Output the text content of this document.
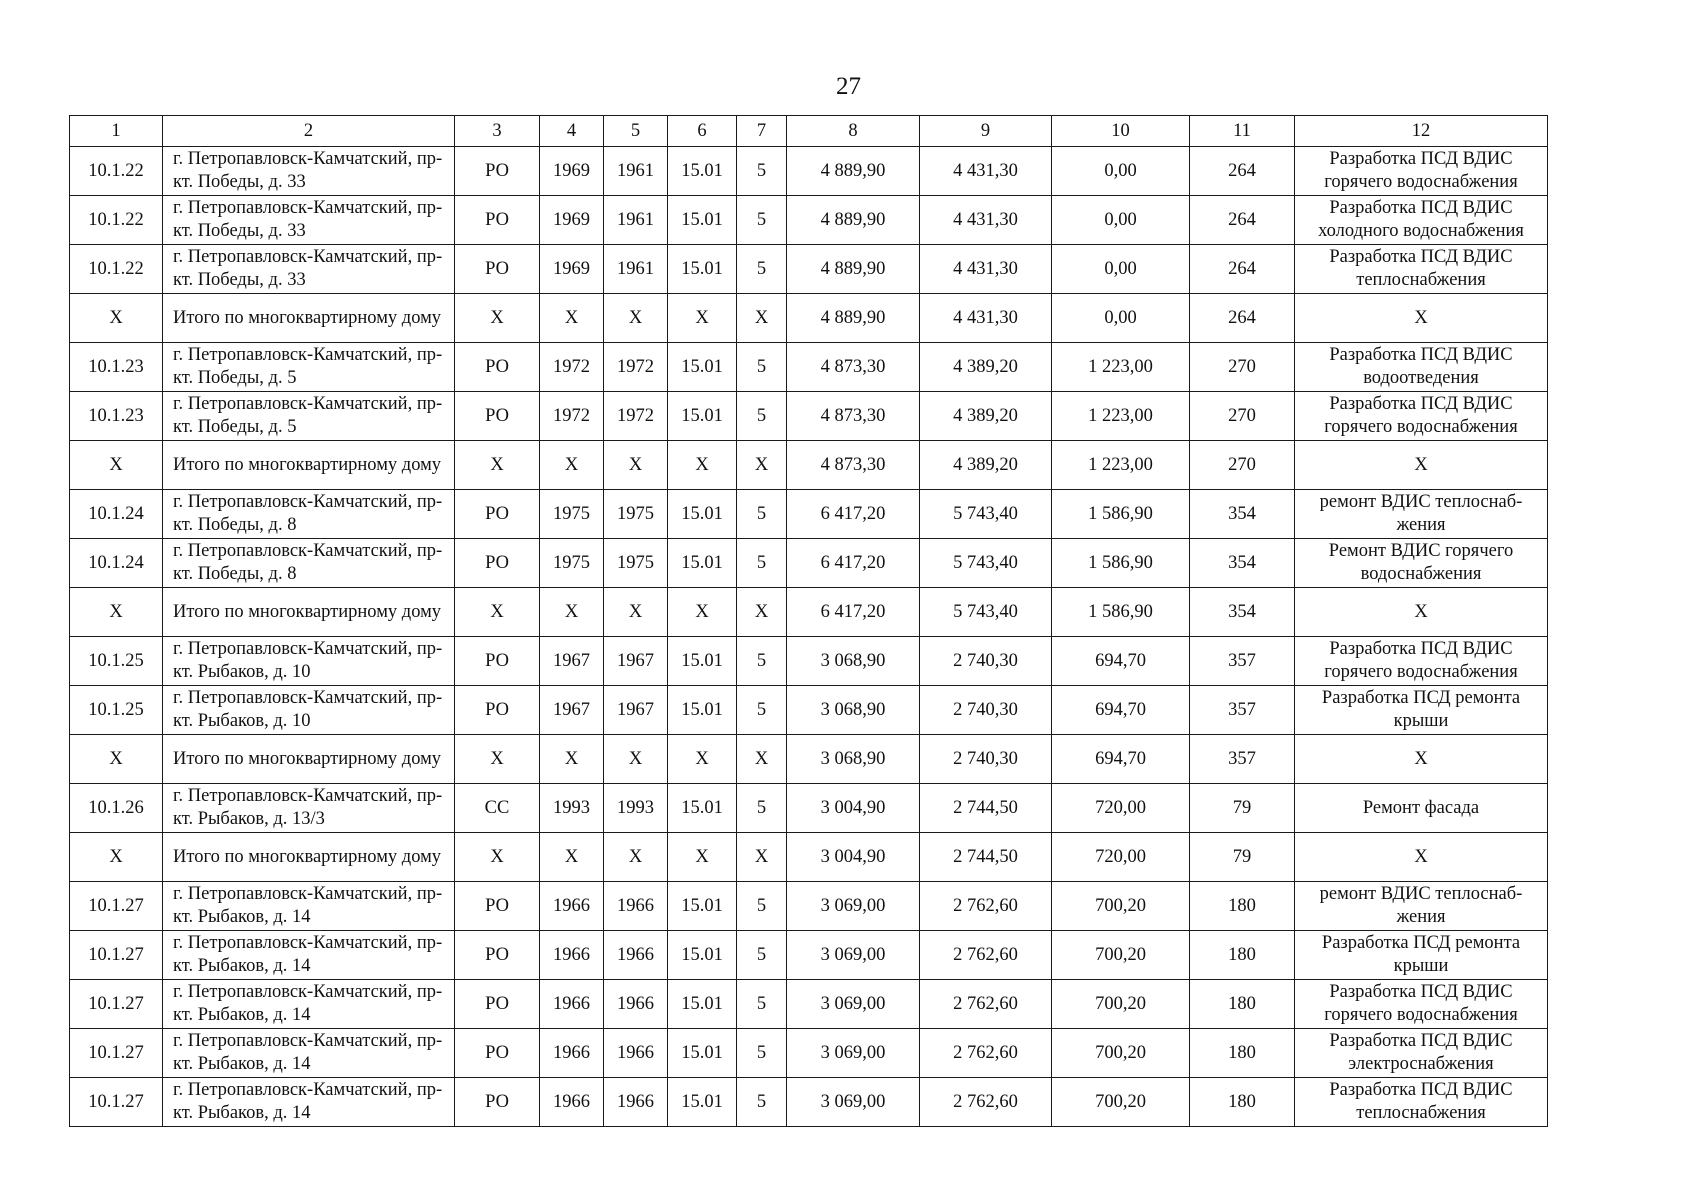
27
1	2	3	4	5	6	7	8	9	10	11	12
10.1.22	г. Петропавловск-Камчатский, пр-кт. Победы, д. 33	РО	1969	1961	15.01	5	4 889,90	4 431,30	0,00	264	Разработка ПСД ВДИС горячего водоснабжения
10.1.22	г. Петропавловск-Камчатский, пр-кт. Победы, д. 33	РО	1969	1961	15.01	5	4 889,90	4 431,30	0,00	264	Разработка ПСД ВДИС холодного водоснабжения
10.1.22	г. Петропавловск-Камчатский, пр-кт. Победы, д. 33	РО	1969	1961	15.01	5	4 889,90	4 431,30	0,00	264	Разработка ПСД ВДИС теплоснабжения
Х	Итого по многоквартирному дому	Х	Х	Х	Х	Х	4 889,90	4 431,30	0,00	264	Х
10.1.23	г. Петропавловск-Камчатский, пр-кт. Победы, д. 5	РО	1972	1972	15.01	5	4 873,30	4 389,20	1 223,00	270	Разработка ПСД ВДИС водоотведения
10.1.23	г. Петропавловск-Камчатский, пр-кт. Победы, д. 5	РО	1972	1972	15.01	5	4 873,30	4 389,20	1 223,00	270	Разработка ПСД ВДИС горячего водоснабжения
Х	Итого по многоквартирному дому	Х	Х	Х	Х	Х	4 873,30	4 389,20	1 223,00	270	Х
10.1.24	г. Петропавловск-Камчатский, пр-кт. Победы, д. 8	РО	1975	1975	15.01	5	6 417,20	5 743,40	1 586,90	354	ремонт ВДИС теплоснаб-жения
10.1.24	г. Петропавловск-Камчатский, пр-кт. Победы, д. 8	РО	1975	1975	15.01	5	6 417,20	5 743,40	1 586,90	354	Ремонт ВДИС горячего водоснабжения
Х	Итого по многоквартирному дому	Х	Х	Х	Х	Х	6 417,20	5 743,40	1 586,90	354	Х
10.1.25	г. Петропавловск-Камчатский, пр-кт. Рыбаков, д. 10	РО	1967	1967	15.01	5	3 068,90	2 740,30	694,70	357	Разработка ПСД ВДИС горячего водоснабжения
10.1.25	г. Петропавловск-Камчатский, пр-кт. Рыбаков, д. 10	РО	1967	1967	15.01	5	3 068,90	2 740,30	694,70	357	Разработка ПСД ремонта крыши
Х	Итого по многоквартирному дому	Х	Х	Х	Х	Х	3 068,90	2 740,30	694,70	357	Х
10.1.26	г. Петропавловск-Камчатский, пр-кт. Рыбаков, д. 13/3	СС	1993	1993	15.01	5	3 004,90	2 744,50	720,00	79	Ремонт фасада
Х	Итого по многоквартирному дому	Х	Х	Х	Х	Х	3 004,90	2 744,50	720,00	79	Х
10.1.27	г. Петропавловск-Камчатский, пр-кт. Рыбаков, д. 14	РО	1966	1966	15.01	5	3 069,00	2 762,60	700,20	180	ремонт ВДИС теплоснаб-жения
10.1.27	г. Петропавловск-Камчатский, пр-кт. Рыбаков, д. 14	РО	1966	1966	15.01	5	3 069,00	2 762,60	700,20	180	Разработка ПСД ремонта крыши
10.1.27	г. Петропавловск-Камчатский, пр-кт. Рыбаков, д. 14	РО	1966	1966	15.01	5	3 069,00	2 762,60	700,20	180	Разработка ПСД ВДИС горячего водоснабжения
10.1.27	г. Петропавловск-Камчатский, пр-кт. Рыбаков, д. 14	РО	1966	1966	15.01	5	3 069,00	2 762,60	700,20	180	Разработка ПСД ВДИС электроснабжения
10.1.27	г. Петропавловск-Камчатский, пр-кт. Рыбаков, д. 14	РО	1966	1966	15.01	5	3 069,00	2 762,60	700,20	180	Разработка ПСД ВДИС теплоснабжения
